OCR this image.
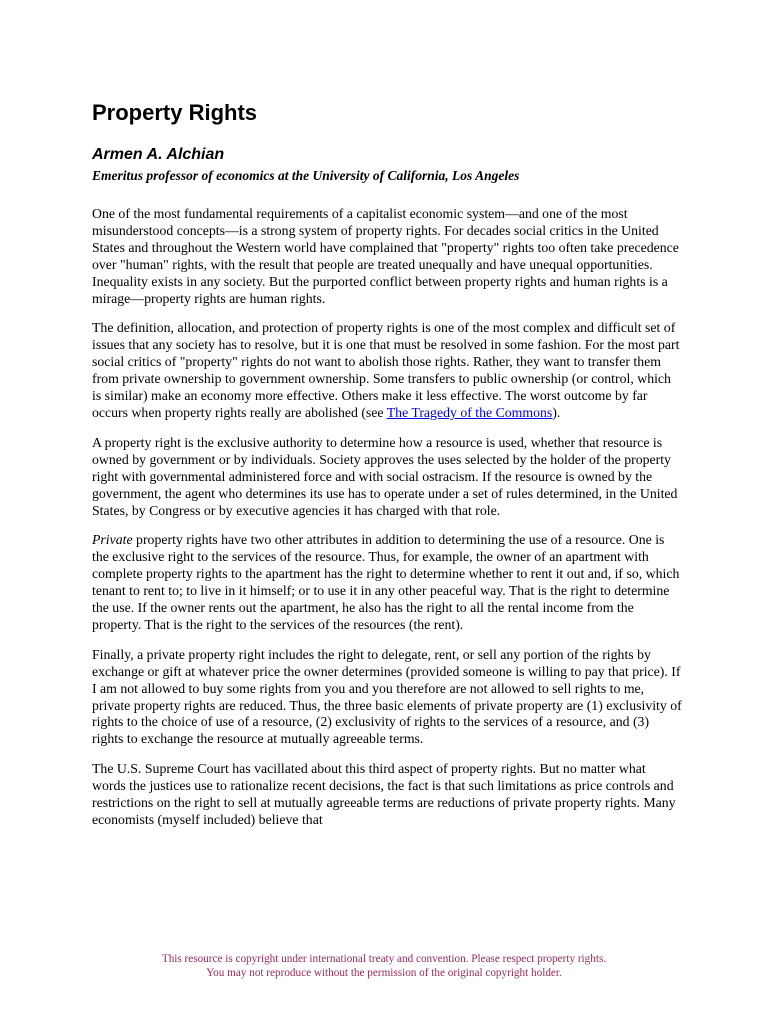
Property Rights
Armen A. Alchian

Emeritus professor of economics at the University of California, Los Angeles

One of the most fundamental requirements of a capitalist economic system—and one of the most misunderstood concepts—is a strong system of property rights. For decades social critics in the United States and throughout the Western world have complained that "property" rights too often take precedence over "human" rights, with the result that people are treated unequally and have unequal opportunities. Inequality exists in any society. But the purported conflict between property rights and human rights is a mirage—property rights are human rights.

The definition, allocation, and protection of property rights is one of the most complex and difficult set of issues that any society has to resolve, but it is one that must be resolved in some fashion. For the most part social critics of "property" rights do not want to abolish those rights. Rather, they want to transfer them from private ownership to government ownership. Some transfers to public ownership (or control, which is similar) make an economy more effective. Others make it less effective. The worst outcome by far occurs when property rights really are abolished (see The Tragedy of the Commons).

A property right is the exclusive authority to determine how a resource is used, whether that resource is owned by government or by individuals. Society approves the uses selected by the holder of the property right with governmental administered force and with social ostracism. If the resource is owned by the government, the agent who determines its use has to operate under a set of rules determined, in the United States, by Congress or by executive agencies it has charged with that role.

Private property rights have two other attributes in addition to determining the use of a resource. One is the exclusive right to the services of the resource. Thus, for example, the owner of an apartment with complete property rights to the apartment has the right to determine whether to rent it out and, if so, which tenant to rent to; to live in it himself; or to use it in any other peaceful way. That is the right to determine the use. If the owner rents out the apartment, he also has the right to all the rental income from the property. That is the right to the services of the resources (the rent).

Finally, a private property right includes the right to delegate, rent, or sell any portion of the rights by exchange or gift at whatever price the owner determines (provided someone is willing to pay that price). If I am not allowed to buy some rights from you and you therefore are not allowed to sell rights to me, private property rights are reduced. Thus, the three basic elements of private property are (1) exclusivity of rights to the choice of use of a resource, (2) exclusivity of rights to the services of a resource, and (3) rights to exchange the resource at mutually agreeable terms.

The U.S. Supreme Court has vacillated about this third aspect of property rights. But no matter what words the justices use to rationalize recent decisions, the fact is that such limitations as price controls and restrictions on the right to sell at mutually agreeable terms are reductions of private property rights. Many economists (myself included) believe that

This resource is copyright under international treaty and convention. Please respect property rights.
You may not reproduce without the permission of the original copyright holder.
